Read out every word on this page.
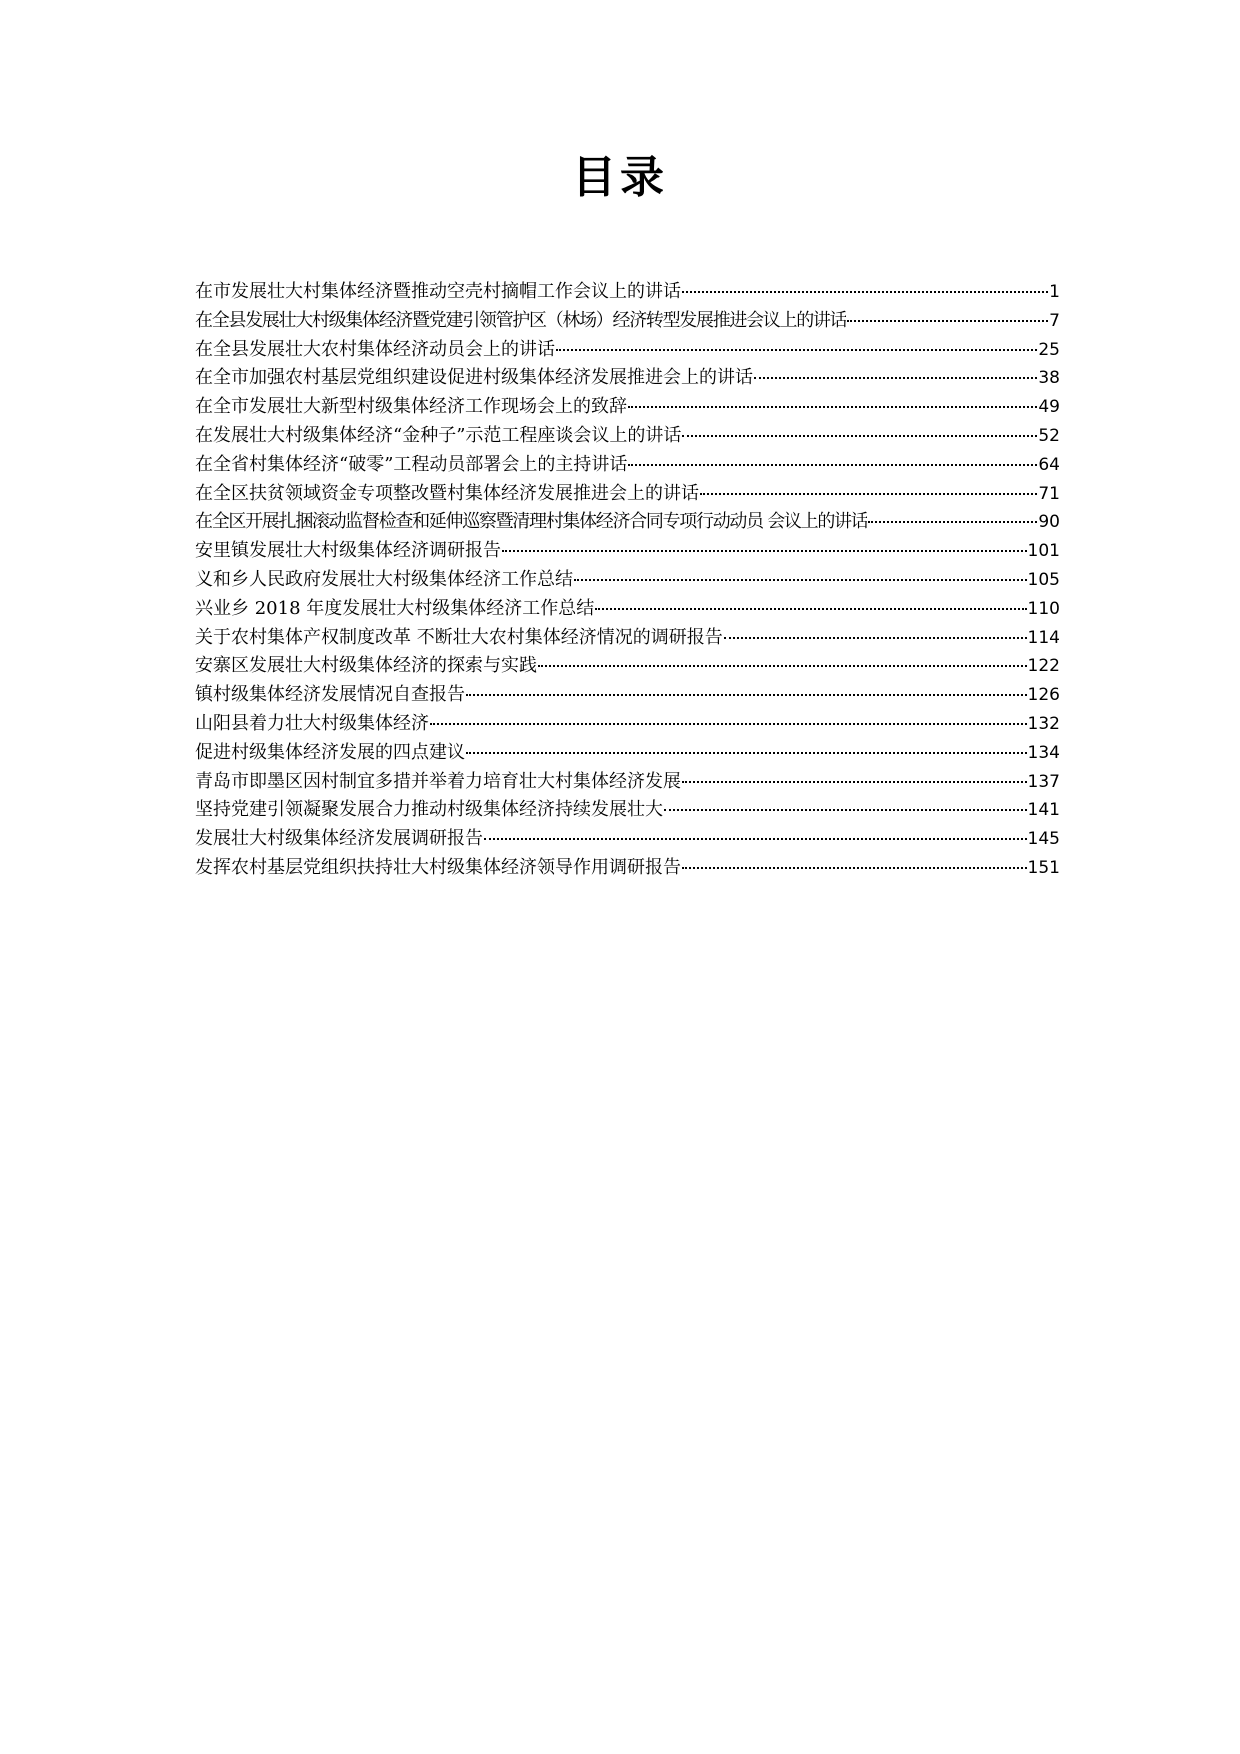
目录
在市发展壮大村集体经济暨推动空壳村摘帽工作会议上的讲话	1
在全县发展壮大村级集体经济暨党建引领管护区（林场）经济转型发展推进会议上的讲话	7
在全县发展壮大农村集体经济动员会上的讲话	25
在全市加强农村基层党组织建设促进村级集体经济发展推进会上的讲话	38
在全市发展壮大新型村级集体经济工作现场会上的致辞	49
在发展壮大村级集体经济“金种子”示范工程座谈会议上的讲话	52
在全省村集体经济“破零”工程动员部署会上的主持讲话	64
在全区扶贫领域资金专项整改暨村集体经济发展推进会上的讲话	71
在全区开展扎捆滚动监督检查和延伸巡察暨清理村集体经济合同专项行动动员 会议上的讲话	90
安里镇发展壮大村级集体经济调研报告	101
义和乡人民政府发展壮大村级集体经济工作总结	105
兴业乡 2018 年度发展壮大村级集体经济工作总结	110
关于农村集体产权制度改革 不断壮大农村集体经济情况的调研报告	114
安寨区发展壮大村级集体经济的探索与实践	122
镇村级集体经济发展情况自查报告	126
山阳县着力壮大村级集体经济	132
促进村级集体经济发展的四点建议	134
青岛市即墨区因村制宜多措并举着力培育壮大村集体经济发展	137
坚持党建引领凝聚发展合力推动村级集体经济持续发展壮大	141
发展壮大村级集体经济发展调研报告	145
发挥农村基层党组织扶持壮大村级集体经济领导作用调研报告	151
